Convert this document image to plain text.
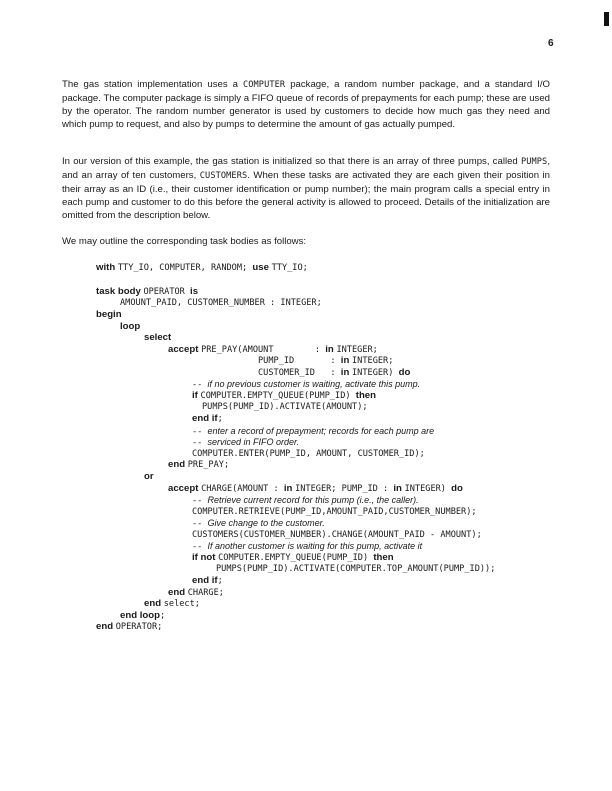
6
The gas station implementation uses a COMPUTER package, a random number package, and a standard I/O package. The computer package is simply a FIFO queue of records of prepayments for each pump; these are used by the operator. The random number generator is used by customers to decide how much gas they need and which pump to request, and also by pumps to determine the amount of gas actually pumped.
In our version of this example, the gas station is initialized so that there is an array of three pumps, called PUMPS, and an array of ten customers, CUSTOMERS. When these tasks are activated they are each given their position in their array as an ID (i.e., their customer identification or pump number); the main program calls a special entry in each pump and customer to do this before the general activity is allowed to proceed. Details of the initialization are omitted from the description below.
We may outline the corresponding task bodies as follows:
with TTY_IO, COMPUTER, RANDOM; use TTY_IO;
task body OPERATOR is
AMOUNT_PAID, CUSTOMER_NUMBER : INTEGER;
begin
loop
select
accept PRE_PAY(AMOUNT        : in INTEGER;
PUMP_ID       : in INTEGER;
CUSTOMER_ID   : in INTEGER) do
-- if no previous customer is waiting, activate this pump.
if COMPUTER.EMPTY_QUEUE(PUMP_ID) then
PUMPS(PUMP_ID).ACTIVATE(AMOUNT);
end if;
-- enter a record of prepayment; records for each pump are
-- serviced in FIFO order.
COMPUTER.ENTER(PUMP_ID, AMOUNT, CUSTOMER_ID);
end PRE_PAY;
or
accept CHARGE(AMOUNT : in INTEGER; PUMP_ID : in INTEGER) do
-- Retrieve current record for this pump (i.e., the caller).
COMPUTER.RETRIEVE(PUMP_ID,AMOUNT_PAID,CUSTOMER_NUMBER);
-- Give change to the customer.
CUSTOMERS(CUSTOMER_NUMBER).CHANGE(AMOUNT_PAID - AMOUNT);
-- If another customer is waiting for this pump, activate it
if not COMPUTER.EMPTY_QUEUE(PUMP_ID) then
PUMPS(PUMP_ID).ACTIVATE(COMPUTER.TOP_AMOUNT(PUMP_ID));
end if;
end CHARGE;
end select;
end loop;
end OPERATOR;
